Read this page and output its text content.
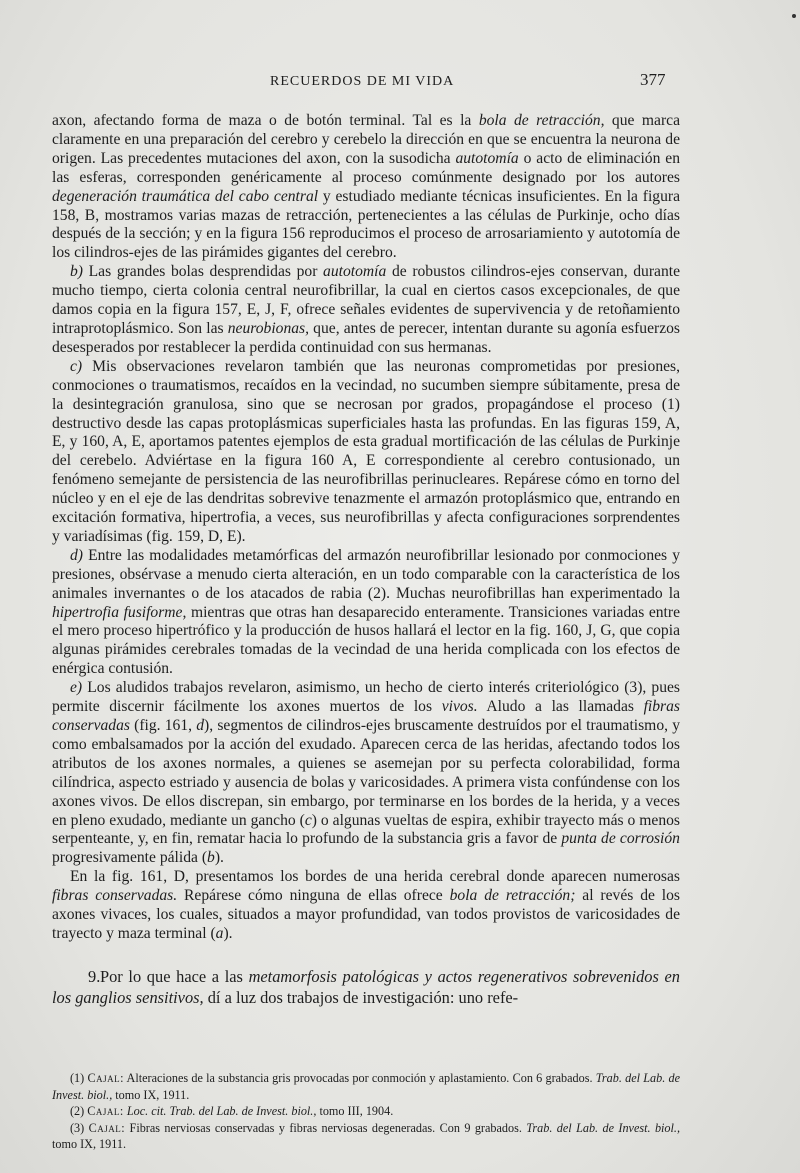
RECUERDOS DE MI VIDA	377

axon, afectando forma de maza o de botón terminal. Tal es la bola de retracción, que marca claramente en una preparación del cerebro y cerebelo la dirección en que se encuentra la neurona de origen. Las precedentes mutaciones del axon, con la susodicha autotomía o acto de eliminación en las esferas, corresponden genéricamente al proceso comúnmente designado por los autores degeneración traumática del cabo central y estudiado mediante técnicas insuficientes. En la figura 158, B, mostramos varias mazas de retracción, pertenecientes a las células de Purkinje, ocho días después de la sección; y en la figura 156 reproducimos el proceso de arrosariamiento y autotomía de los cilindros-ejes de las pirámides gigantes del cerebro.

b) Las grandes bolas desprendidas por autotomía de robustos cilindros-ejes conservan, durante mucho tiempo, cierta colonia central neurofibrillar, la cual en ciertos casos excepcionales, de que damos copia en la figura 157, E, J, F, ofrece señales evidentes de supervivencia y de retoñamiento intraprotoplásmico. Son las neurobionas, que, antes de perecer, intentan durante su agonía esfuerzos desesperados por restablecer la perdida continuidad con sus hermanas.

c) Mis observaciones revelaron también que las neuronas comprometidas por presiones, conmociones o traumatismos, recaídos en la vecindad, no sucumben siempre súbitamente, presa de la desintegración granulosa, sino que se necrosan por grados, propagándose el proceso (1) destructivo desde las capas protoplásmicas superficiales hasta las profundas. En las figuras 159, A, E, y 160, A, E, aportamos patentes ejemplos de esta gradual mortificación de las células de Purkinje del cerebelo. Adviértase en la figura 160 A, E correspondiente al cerebro contusionado, un fenómeno semejante de persistencia de las neurofibrillas perinucleares. Repárese cómo en torno del núcleo y en el eje de las dendritas sobrevive tenazmente el armazón protoplásmico que, entrando en excitación formativa, hipertrofia, a veces, sus neurofibrillas y afecta configuraciones sorprendentes y variadísimas (fig. 159, D, E).

d) Entre las modalidades metamórficas del armazón neurofibrillar lesionado por conmociones y presiones, obsérvase a menudo cierta alteración, en un todo comparable con la característica de los animales invernantes o de los atacados de rabia (2). Muchas neurofibrillas han experimentado la hipertrofia fusiforme, mientras que otras han desaparecido enteramente. Transiciones variadas entre el mero proceso hipertrófico y la producción de husos hallará el lector en la fig. 160, J, G, que copia algunas pirámides cerebrales tomadas de la vecindad de una herida complicada con los efectos de enérgica contusión.

e) Los aludidos trabajos revelaron, asimismo, un hecho de cierto interés criteriológico (3), pues permite discernir fácilmente los axones muertos de los vivos. Aludo a las llamadas fibras conservadas (fig. 161, d), segmentos de cilindros-ejes bruscamente destruídos por el traumatismo, y como embalsamados por la acción del exudado. Aparecen cerca de las heridas, afectando todos los atributos de los axones normales, a quienes se asemejan por su perfecta colorabilidad, forma cilíndrica, aspecto estriado y ausencia de bolas y varicosidades. A primera vista confúndense con los axones vivos. De ellos discrepan, sin embargo, por terminarse en los bordes de la herida, y a veces en pleno exudado, mediante un gancho (c) o algunas vueltas de espira, exhibir trayecto más o menos serpenteante, y, en fin, rematar hacia lo profundo de la substancia gris a favor de punta de corrosión progresivamente pálida (b).

En la fig. 161, D, presentamos los bordes de una herida cerebral donde aparecen numerosas fibras conservadas. Repárese cómo ninguna de ellas ofrece bola de retracción; al revés de los axones vivaces, los cuales, situados a mayor profundidad, van todos provistos de varicosidades de trayecto y maza terminal (a).

9.Por lo que hace a las metamorfosis patológicas y actos regenerativos sobrevenidos en los ganglios sensitivos, dí a luz dos trabajos de investigación: uno refe-

(1) Cajal: Alteraciones de la substancia gris provocadas por conmoción y aplastamiento. Con 6 grabados. Trab. del Lab. de Invest. biol., tomo IX, 1911.

(2) Cajal: Loc. cit. Trab. del Lab. de Invest. biol., tomo III, 1904.

(3) Cajal: Fibras nerviosas conservadas y fibras nerviosas degeneradas. Con 9 grabados. Trab. del Lab. de Invest. biol., tomo IX, 1911.
